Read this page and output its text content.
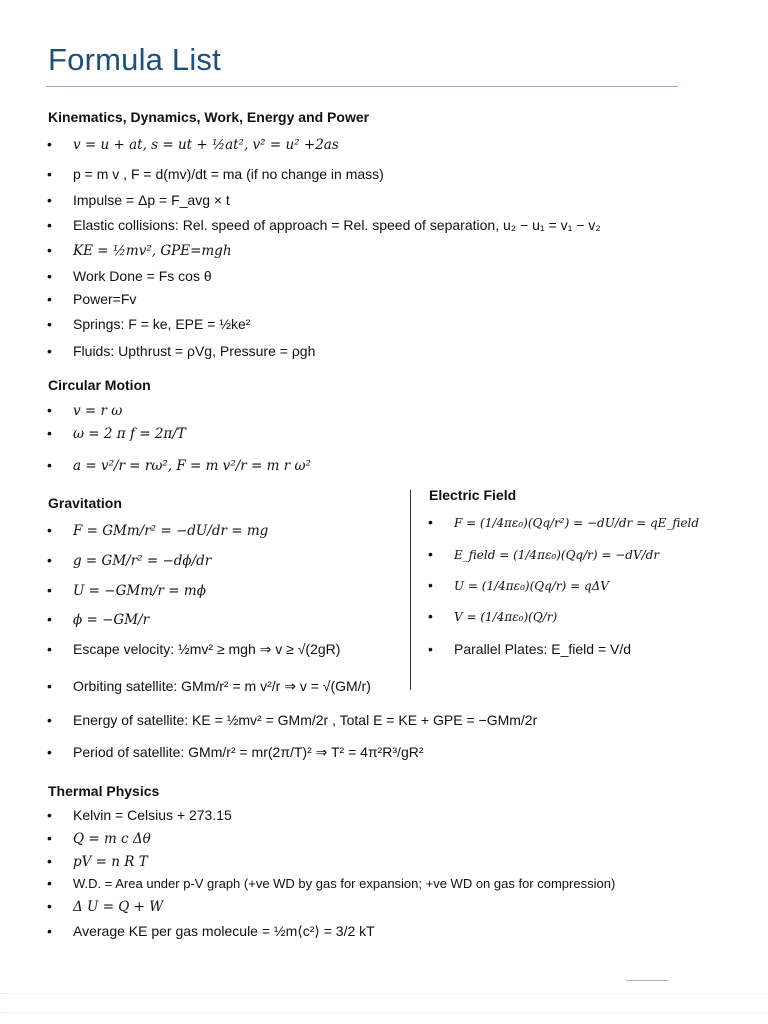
Formula List
Kinematics, Dynamics, Work, Energy and Power
• v = u + at, s = ut + ½at², v² = u² +2as
• p = m v , F = d(mv)/dt = ma (if no change in mass)
• Impulse = Δp = F_avg × t
• Elastic collisions: Rel. speed of approach = Rel. speed of separation, u₂ − u₁ = v₁ − v₂
• KE = ½mv², GPE=mgh
• Work Done = Fs cos θ
• Power=Fv
• Springs: F = ke, EPE = ½ke²
• Fluids: Upthrust = ρVg, Pressure = ρgh
Circular Motion
• v = r ω
• ω = 2 π f = 2π/T
• a = v²/r = rω², F = m v²/r = m r ω²
Gravitation
• F = GMm/r² = −dU/dr = mg
• g = GM/r² = −dϕ/dr
• U = −GMm/r = mϕ
• ϕ = −GM/r
• Escape velocity: ½mv² ≥ mgh ⇒ v ≥ √(2gR)
• Orbiting satellite: GMm/r² = m v²/r ⇒ v = √(GM/r)
• Energy of satellite: KE = ½mv² = GMm/2r , Total E = KE + GPE = −GMm/2r
• Period of satellite: GMm/r² = mr(2π/T)² ⇒ T² = 4π²R³/gR²
Electric Field
• F = (1/4πε₀)(Qq/r²) = −dU/dr = qE_field
• E_field = (1/4πε₀)(Qq/r) = −dV/dr
• U = (1/4πε₀)(Qq/r) = qΔV
• V = (1/4πε₀)(Q/r)
• Parallel Plates: E_field = V/d
Thermal Physics
• Kelvin = Celsius + 273.15
• Q = m c Δθ
• pV = n R T
• W.D. = Area under p-V graph (+ve WD by gas for expansion; +ve WD on gas for compression)
• Δ U = Q + W
• Average KE per gas molecule = ½m⟨c²⟩ = 3/2 kT
